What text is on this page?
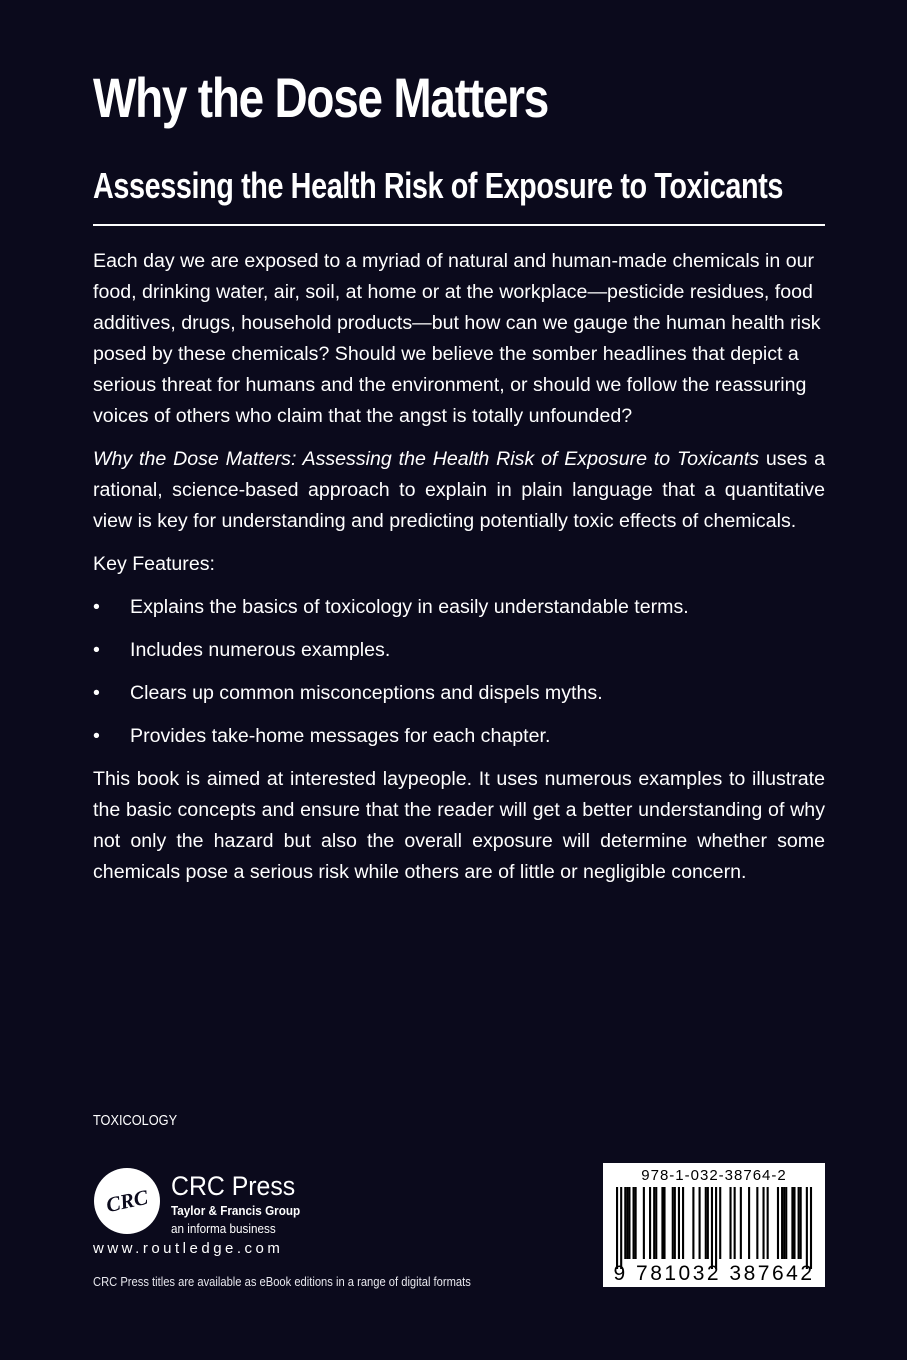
Why the Dose Matters
Assessing the Health Risk of Exposure to Toxicants

Each day we are exposed to a myriad of natural and human-made chemicals in our food, drinking water, air, soil, at home or at the workplace—pesticide residues, food additives, drugs, household products—but how can we gauge the human health risk posed by these chemicals? Should we believe the somber headlines that depict a serious threat for humans and the environment, or should we follow the reassuring voices of others who claim that the angst is totally unfounded?

Why the Dose Matters: Assessing the Health Risk of Exposure to Toxicants uses a rational, science-based approach to explain in plain language that a quantitative view is key for understanding and predicting potentially toxic effects of chemicals.

Key Features:

• Explains the basics of toxicology in easily understandable terms.
• Includes numerous examples.
• Clears up common misconceptions and dispels myths.
• Provides take-home messages for each chapter.

This book is aimed at interested laypeople. It uses numerous examples to illustrate the basic concepts and ensure that the reader will get a better understanding of why not only the hazard but also the overall exposure will determine whether some chemicals pose a serious risk while others are of little or negligible concern.

TOXICOLOGY
CRC CRC Press
Taylor & Francis Group
an informa business
www.routledge.com
CRC Press titles are available as eBook editions in a range of digital formats
978-1-032-38764-2
9 781032 387642
